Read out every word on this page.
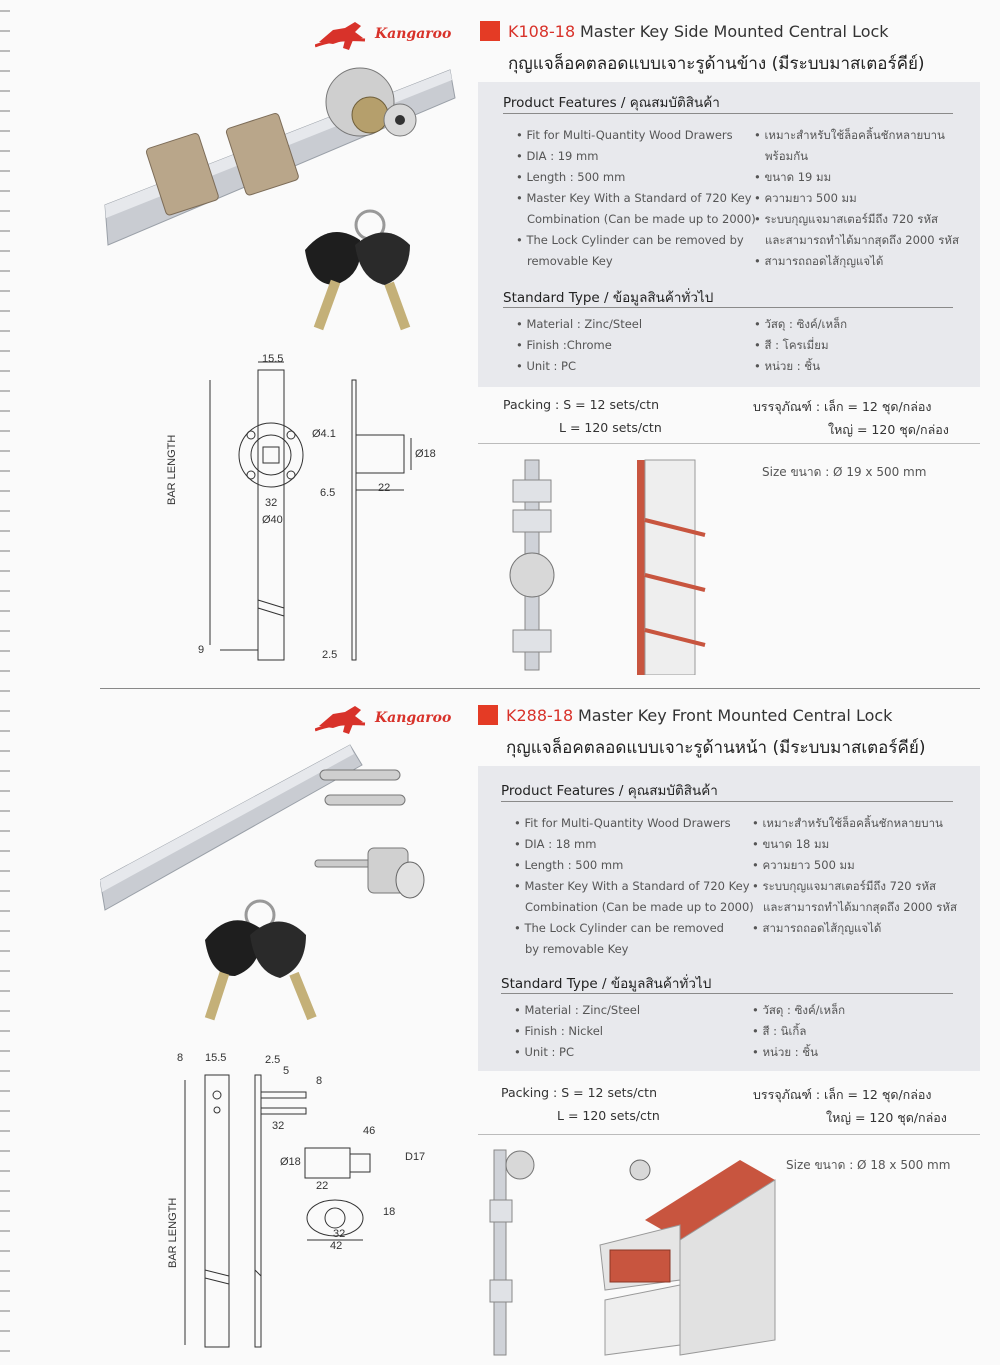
Kangaroo	K108-18 Master Key Side Mounted Central Lock
กุญแจล็อคตลอดแบบเจาะรูด้านข้าง (มีระบบมาสเตอร์คีย์)
Product Features / คุณสมบัติสินค้า
• Fit for Multi-Quantity Wood Drawers
• DIA : 19 mm
• Length : 500 mm
• Master Key With a Standard of 720 Key
Combination (Can be made up to 2000)
• The Lock Cylinder can be removed by
removable Key
• เหมาะสำหรับใช้ล็อคลิ้นชักหลายบาน
พร้อมกัน
• ขนาด 19 มม
• ความยาว 500 มม
• ระบบกุญแจมาสเตอร์มีถึง 720 รหัส
และสามารถทำได้มากสุดถึง 2000 รหัส
• สามารถถอดไส้กุญแจได้
Standard Type / ข้อมูลสินค้าทั่วไป
• Material : Zinc/Steel
• Finish :Chrome
• Unit : PC
• วัสดุ : ซิงค์/เหล็ก
• สี : โครเมี่ยม
• หน่วย : ชิ้น
Packing : S = 12 sets/ctn
L = 120 sets/ctn
บรรจุภัณฑ์ : เล็ก = 12 ชุด/กล่อง
ใหญ่ = 120 ชุด/กล่อง
Size ขนาด : Ø 19 x 500 mm
15.5
Ø4.1
Ø18
32
Ø40
6.5	22
9	2.5
BAR LENGTH
Kangaroo	K288-18 Master Key Front Mounted Central Lock
กุญแจล็อคตลอดแบบเจาะรูด้านหน้า (มีระบบมาสเตอร์คีย์)
Product Features / คุณสมบัติสินค้า
• Fit for Multi-Quantity Wood Drawers
• DIA : 18 mm
• Length : 500 mm
• Master Key With a Standard of 720 Key
Combination (Can be made up to 2000)
• The Lock Cylinder can be removed
by removable Key
• เหมาะสำหรับใช้ล็อคลิ้นชักหลายบาน
• ขนาด 18 มม
• ความยาว 500 มม
• ระบบกุญแจมาสเตอร์มีถึง 720 รหัส
และสามารถทำได้มากสุดถึง 2000 รหัส
• สามารถถอดไส้กุญแจได้
Standard Type / ข้อมูลสินค้าทั่วไป
• Material : Zinc/Steel
• Finish : Nickel
• Unit : PC
• วัสดุ : ซิงค์/เหล็ก
• สี : นิเกิ้ล
• หน่วย : ชิ้น
Packing : S = 12 sets/ctn
L = 120 sets/ctn
บรรจุภัณฑ์ : เล็ก = 12 ชุด/กล่อง
ใหญ่ = 120 ชุด/กล่อง
Size ขนาด : Ø 18 x 500 mm
8 15.5	2.5
5
8
32	46
Ø18	D17
22
18
32
42
BAR LENGTH
